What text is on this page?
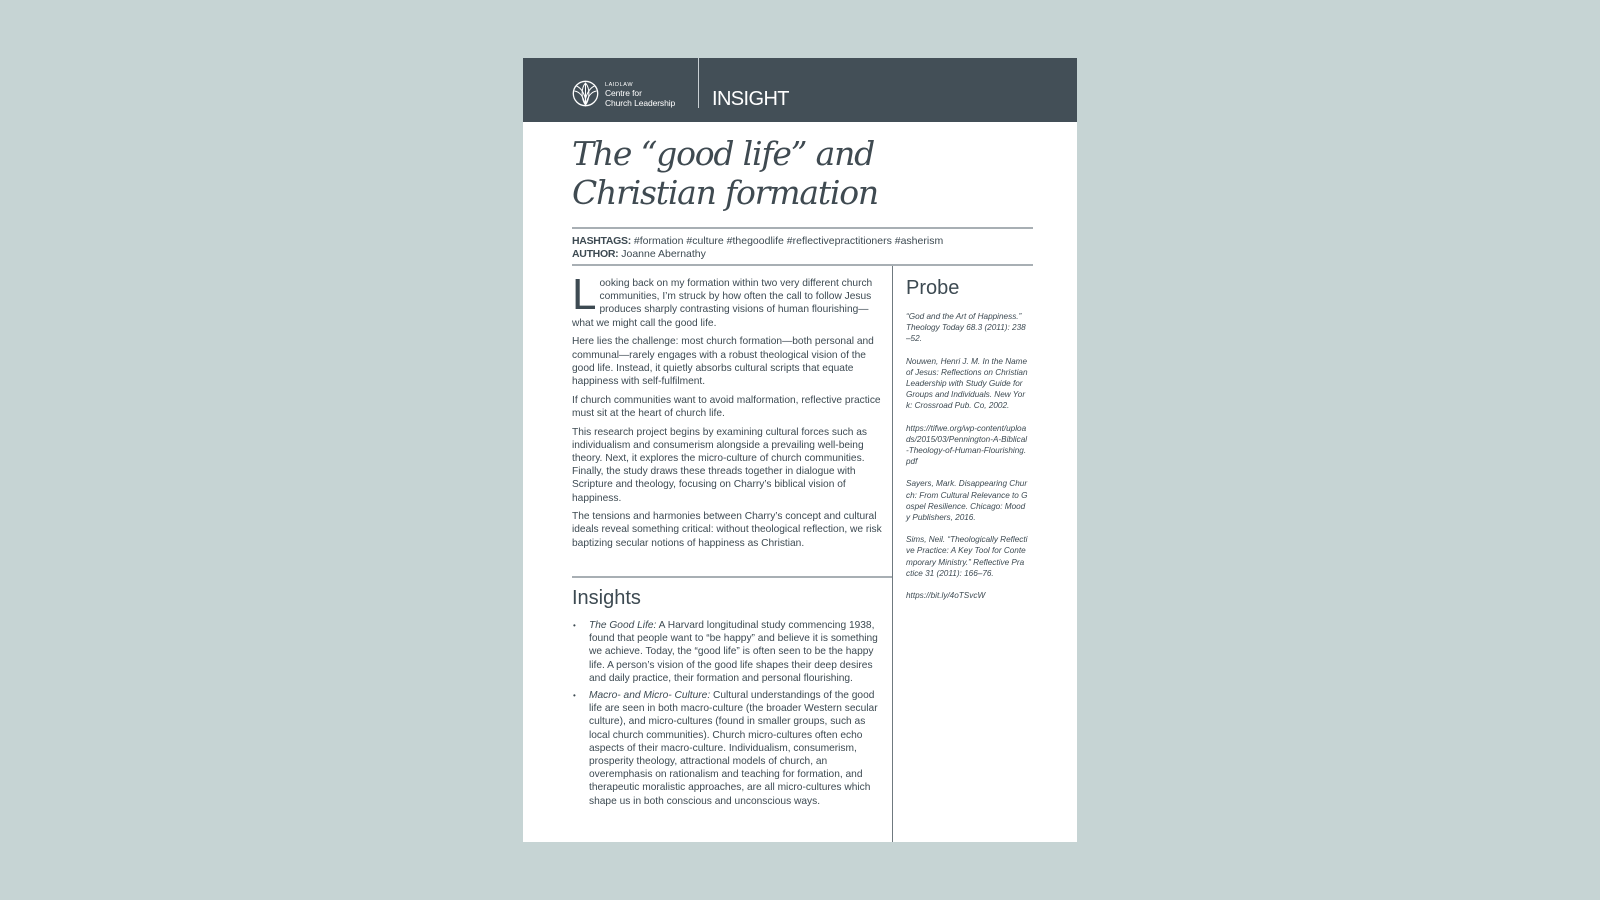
LAIDLAW
Centre for
Church Leadership INSIGHT
The “good life” and
Christian formation
HASHTAGS: #formation #culture #thegoodlife #reflectivepractitioners #asherism
AUTHOR: Joanne Abernathy

Looking back on my formation within two very different church communities, I’m struck by how often the call to follow Jesus produces sharply contrasting visions of human flourishing—what we might call the good life.

Here lies the challenge: most church formation—both personal and communal—rarely engages with a robust theological vision of the good life. Instead, it quietly absorbs cultural scripts that equate happiness with self-fulfilment.

If church communities want to avoid malformation, reflective practice must sit at the heart of church life.

This research project begins by examining cultural forces such as individualism and consumerism alongside a prevailing well-being theory. Next, it explores the micro-culture of church communities. Finally, the study draws these threads together in dialogue with Scripture and theology, focusing on Charry’s biblical vision of happiness.

The tensions and harmonies between Charry’s concept and cultural ideals reveal something critical: without theological reflection, we risk baptizing secular notions of happiness as Christian.

Insights
• The Good Life: A Harvard longitudinal study commencing 1938, found that people want to “be happy” and believe it is something we achieve. Today, the “good life” is often seen to be the happy life. A person’s vision of the good life shapes their deep desires and daily practice, their formation and personal flourishing.
• Macro- and Micro- Culture: Cultural understandings of the good life are seen in both macro-culture (the broader Western secular culture), and micro-cultures (found in smaller groups, such as local church communities). Church micro-cultures often echo aspects of their macro-culture. Individualism, consumerism, prosperity theology, attractional models of church, an overemphasis on rationalism and teaching for formation, and therapeutic moralistic approaches, are all micro-cultures which shape us in both conscious and unconscious ways.
Probe

“God and the Art of Happiness.” Theology Today 68.3 (2011): 238–52.

Nouwen, Henri J. M. In the Name of Jesus: Reflections on Christian Leadership with Study Guide for Groups and Individuals. New York: Crossroad Pub. Co, 2002.

https://tifwe.org/wp-content/uploads/2015/03/Pennington-A-Biblical-Theology-of-Human-Flourishing.pdf

Sayers, Mark. Disappearing Church: From Cultural Relevance to Gospel Resilience. Chicago: Moody Publishers, 2016.

Sims, Neil. “Theologically Reflective Practice: A Key Tool for Contemporary Ministry.” Reflective Practice 31 (2011): 166–76.

https://bit.ly/4oTSvcW
